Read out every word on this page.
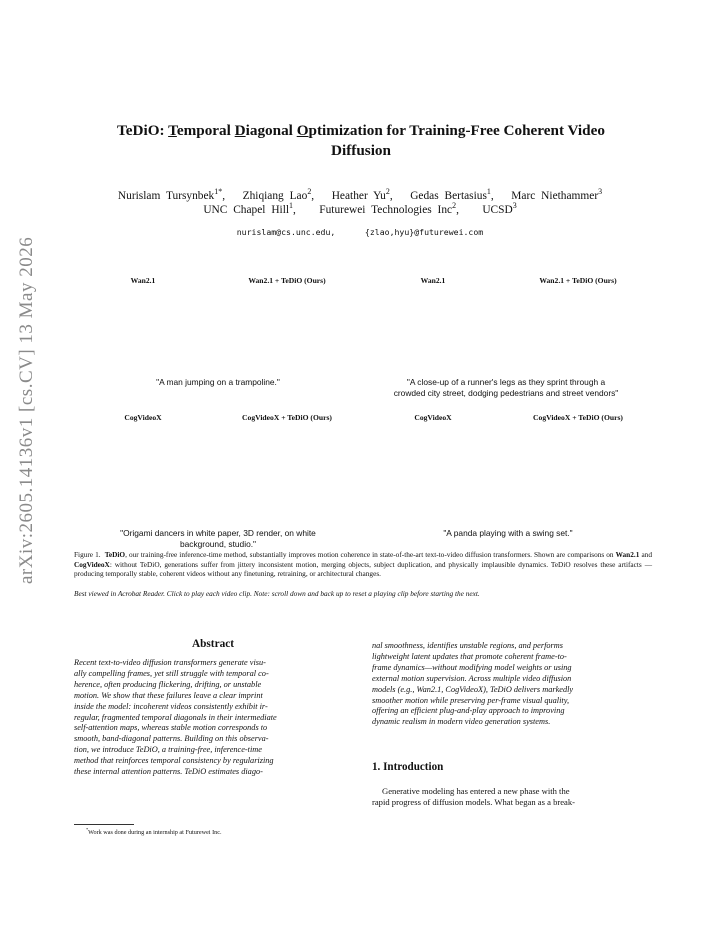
arXiv:2605.14136v1 [cs.CV] 13 May 2026
TeDiO: Temporal Diagonal Optimization for Training-Free Coherent Video
Diffusion
Nurislam Tursynbek$^{1*}$,   Zhiqiang Lao$^2$,   Heather Yu$^2$,   Gedas Bertasius$^1$,   Marc Niethammer$^3$
UNC Chapel Hill$^1$,    Futurewei Technologies Inc$^2$,    UCSD$^3$
nurislam@cs.unc.edu,	{zlao,hyu}@futurewei.com
Wan2.1	Wan2.1 + TeDiO (Ours)	Wan2.1	Wan2.1 + TeDiO (Ours)
"A man jumping on a trampoline."	"A close-up of a runner's legs as they sprint through a
crowded city street, dodging pedestrians and street vendors"
CogVideoX	CogVideoX + TeDiO (Ours)	CogVideoX	CogVideoX + TeDiO (Ours)
"Origami dancers in white paper, 3D render, on white
background, studio."
"A panda playing with a swing set."
Figure 1. TeDiO, our training-free inference-time method, substantially improves motion coherence in state-of-the-art text-to-video diffusion transformers. Shown are comparisons on Wan2.1 and CogVideoX: without TeDiO, generations suffer from jittery inconsistent motion, merging objects, subject duplication, and physically implausible dynamics. TeDiO resolves these artifacts — producing temporally stable, coherent videos without any finetuning, retraining, or architectural changes.
Best viewed in Acrobat Reader. Click to play each video clip. Note: scroll down and back up to reset a playing clip before starting the next.
Abstract
Recent text-to-video diffusion transformers generate visu-
ally compelling frames, yet still struggle with temporal co-
herence, often producing flickering, drifting, or unstable
motion. We show that these failures leave a clear imprint
inside the model: incoherent videos consistently exhibit ir-
regular, fragmented temporal diagonals in their intermediate
self-attention maps, whereas stable motion corresponds to
smooth, band-diagonal patterns. Building on this observa-
tion, we introduce TeDiO, a training-free, inference-time
method that reinforces temporal consistency by regularizing
these internal attention patterns. TeDiO estimates diago-
nal smoothness, identifies unstable regions, and performs
lightweight latent updates that promote coherent frame-to-
frame dynamics—without modifying model weights or using
external motion supervision. Across multiple video diffusion
models (e.g., Wan2.1, CogVideoX), TeDiO delivers markedly
smoother motion while preserving per-frame visual quality,
offering an efficient plug-and-play approach to improving
dynamic realism in modern video generation systems.
1. Introduction
Generative modeling has entered a new phase with the
rapid progress of diffusion models. What began as a break-
*Work was done during an internship at Futurewei Inc.
